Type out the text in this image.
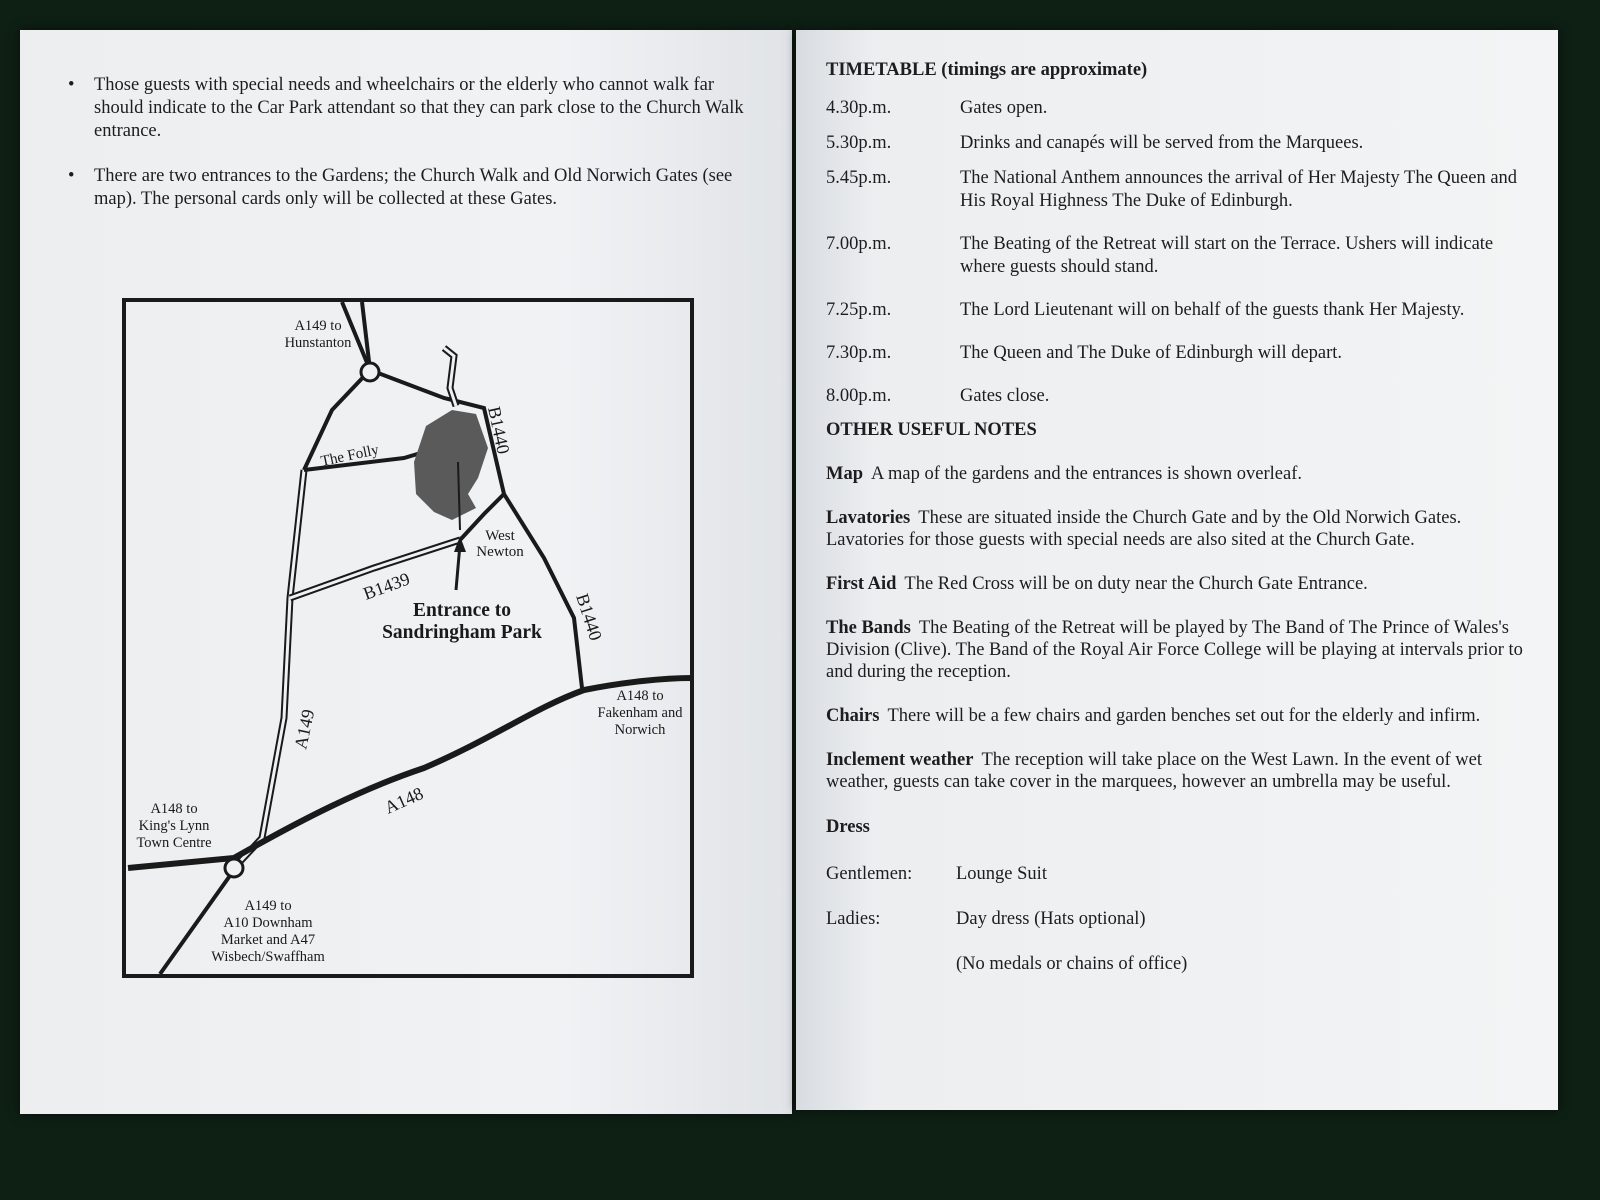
• Those guests with special needs and wheelchairs or the elderly who cannot walk far should indicate to the Car Park attendant so that they can park close to the Church Walk entrance.
• There are two entrances to the Gardens; the Church Walk and Old Norwich Gates (see map). The personal cards only will be collected at these Gates.
A149 to Hunstanton
The Folly
B1440
West Newton
B1439
Entrance to Sandringham Park B1440
A148 to Fakenham and Norwich
A149
A148
A148 to King's Lynn Town Centre
A149 to A10 Downham Market and A47 Wisbech/Swaffham
TIMETABLE (timings are approximate)
4.30p.m.	Gates open.
5.30p.m.	Drinks and canapés will be served from the Marquees.
5.45p.m.	The National Anthem announces the arrival of Her Majesty The Queen and His Royal Highness The Duke of Edinburgh.
7.00p.m.	The Beating of the Retreat will start on the Terrace. Ushers will indicate where guests should stand.
7.25p.m.	The Lord Lieutenant will on behalf of the guests thank Her Majesty.
7.30p.m.	The Queen and The Duke of Edinburgh will depart.
8.00p.m.	Gates close.
OTHER USEFUL NOTES
Map A map of the gardens and the entrances is shown overleaf.
Lavatories These are situated inside the Church Gate and by the Old Norwich Gates. Lavatories for those guests with special needs are also sited at the Church Gate.
First Aid The Red Cross will be on duty near the Church Gate Entrance.
The Bands The Beating of the Retreat will be played by The Band of The Prince of Wales's Division (Clive). The Band of the Royal Air Force College will be playing at intervals prior to and during the reception.
Chairs There will be a few chairs and garden benches set out for the elderly and infirm.
Inclement weather The reception will take place on the West Lawn. In the event of wet weather, guests can take cover in the marquees, however an umbrella may be useful.
Dress
Gentlemen:	Lounge Suit
Ladies:	Day dress (Hats optional)
(No medals or chains of office)
